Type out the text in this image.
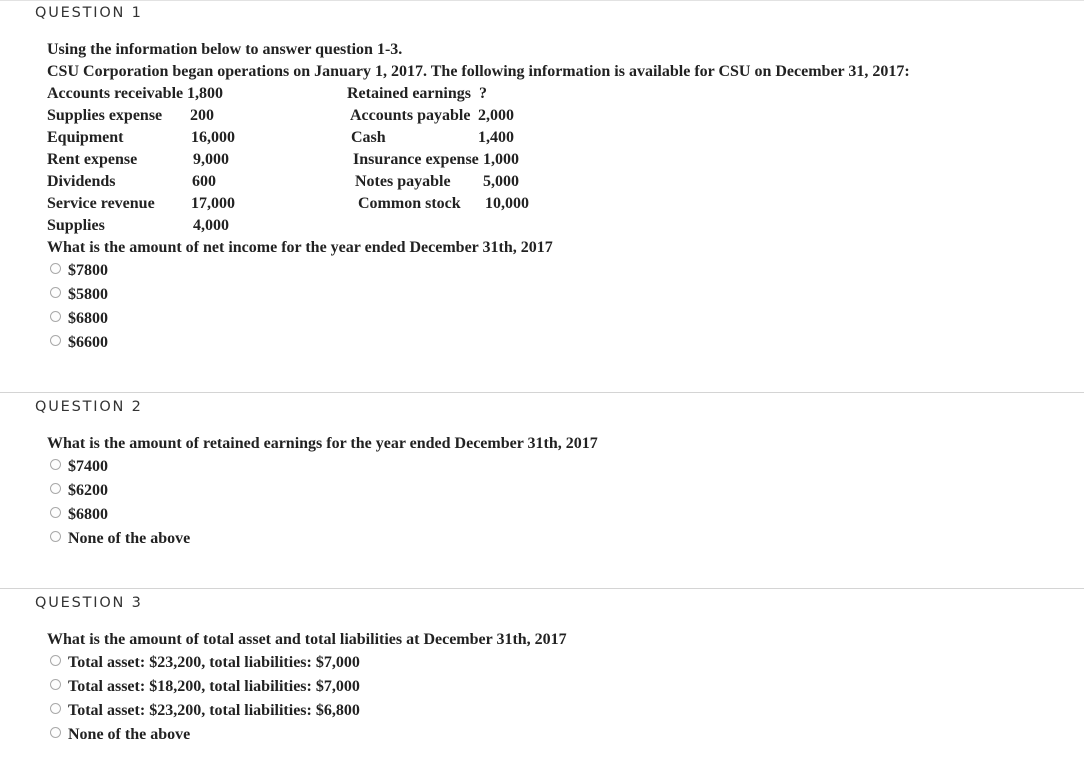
QUESTION 1
Using the information below to answer question 1-3.
CSU Corporation began operations on January 1, 2017. The following information is available for CSU on December 31, 2017:
Accounts receivable 1,800
Supplies expense 200
Equipment	16,000
Rent expense	9,000
Dividends	600
Service revenue 17,000
Supplies	4,000
Retained earnings ?
Accounts payable 2,000
Cash	1,400
Insurance expense 1,000
Notes payable 5,000
Common stock 10,000
What is the amount of net income for the year ended December 31th, 2017
$7800
$5800
$6800
$6600
QUESTION 2
What is the amount of retained earnings for the year ended December 31th, 2017
$7400
$6200
$6800
None of the above
QUESTION 3
What is the amount of total asset and total liabilities at December 31th, 2017
Total asset: $23,200, total liabilities: $7,000
Total asset: $18,200, total liabilities: $7,000
Total asset: $23,200, total liabilities: $6,800
None of the above
